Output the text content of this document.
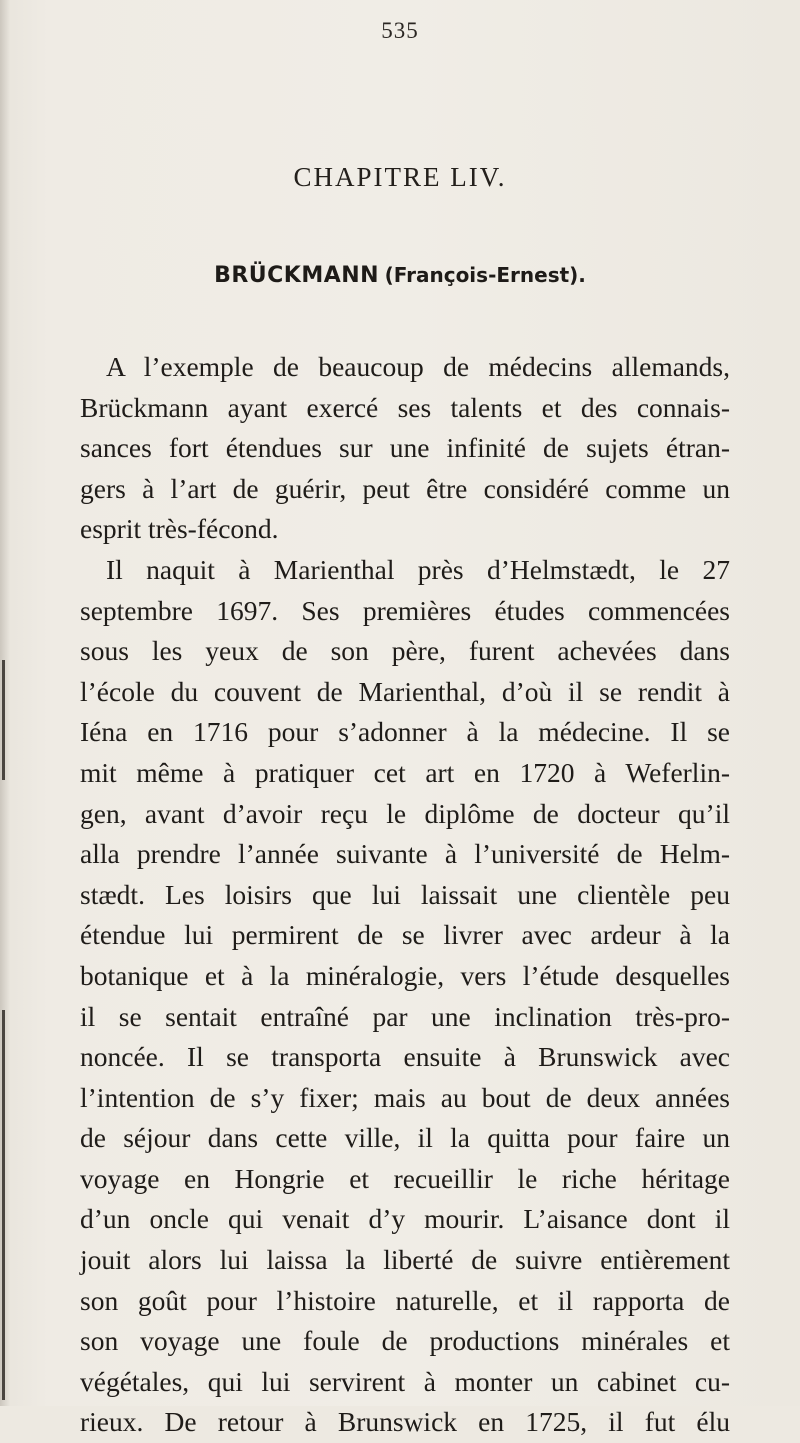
535
CHAPITRE LIV.
BRÜCKMANN (François-Ernest).
A l’exemple de beaucoup de médecins allemands,
Brückmann ayant exercé ses talents et des connais-
sances fort étendues sur une infinité de sujets étran-
gers à l’art de guérir, peut être considéré comme un
esprit très-fécond.
Il naquit à Marienthal près d’Helmstædt, le 27
septembre 1697. Ses premières études commencées
sous les yeux de son père, furent achevées dans
l’école du couvent de Marienthal, d’où il se rendit à
Iéna en 1716 pour s’adonner à la médecine. Il se
mit même à pratiquer cet art en 1720 à Weferlin-
gen, avant d’avoir reçu le diplôme de docteur qu’il
alla prendre l’année suivante à l’université de Helm-
stædt. Les loisirs que lui laissait une clientèle peu
étendue lui permirent de se livrer avec ardeur à la
botanique et à la minéralogie, vers l’étude desquelles
il se sentait entraîné par une inclination très-pro-
noncée. Il se transporta ensuite à Brunswick avec
l’intention de s’y fixer; mais au bout de deux années
de séjour dans cette ville, il la quitta pour faire un
voyage en Hongrie et recueillir le riche héritage
d’un oncle qui venait d’y mourir. L’aisance dont il
jouit alors lui laissa la liberté de suivre entièrement
son goût pour l’histoire naturelle, et il rapporta de
son voyage une foule de productions minérales et
végétales, qui lui servirent à monter un cabinet cu-
rieux. De retour à Brunswick en 1725, il fut élu
